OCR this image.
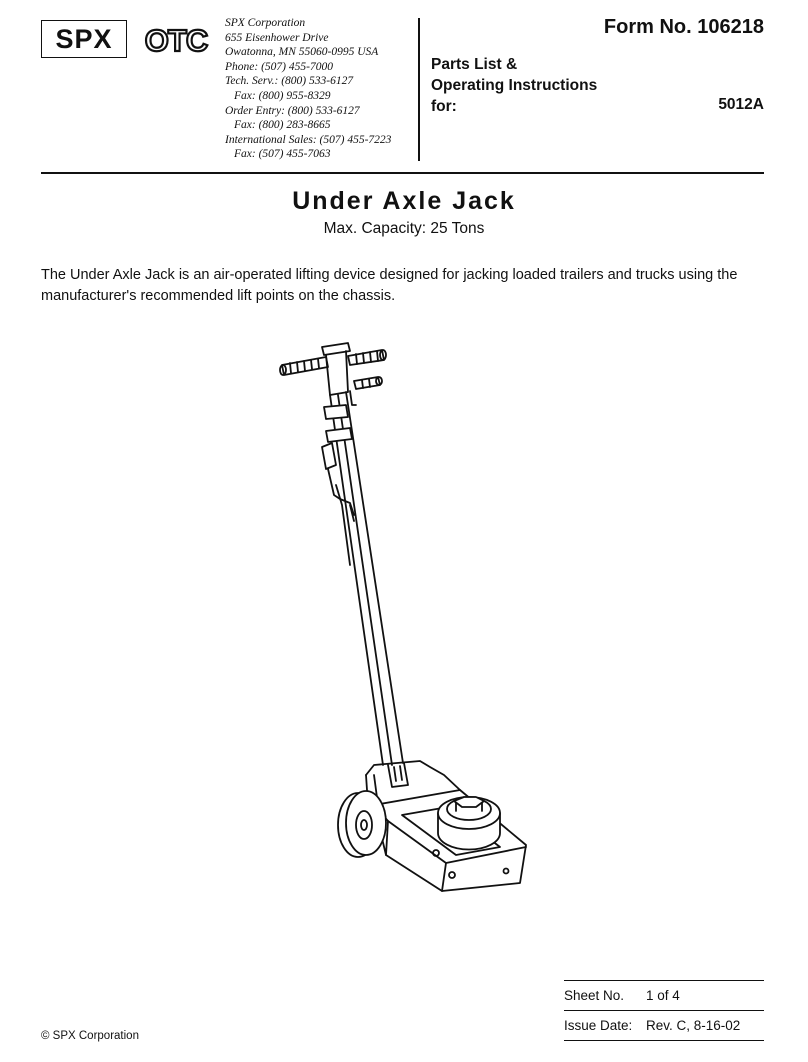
SPX OTC SPX Corporation
655 Eisenhower Drive
Owatonna, MN 55060-0995 USA
Phone: (507) 455-7000
Tech. Serv.: (800) 533-6127
Fax: (800) 955-8329
Order Entry: (800) 533-6127
Fax: (800) 283-8665
International Sales: (507) 455-7223
Fax: (507) 455-7063
Form No. 106218
Parts List &
Operating Instructions
for:	5012A
Under Axle Jack
Max. Capacity: 25 Tons
The Under Axle Jack is an air-operated lifting device designed for jacking loaded trailers and trucks using the manufacturer's recommended lift points on the chassis.
Sheet No.	1 of 4
Issue Date:	Rev. C, 8-16-02
© SPX Corporation
